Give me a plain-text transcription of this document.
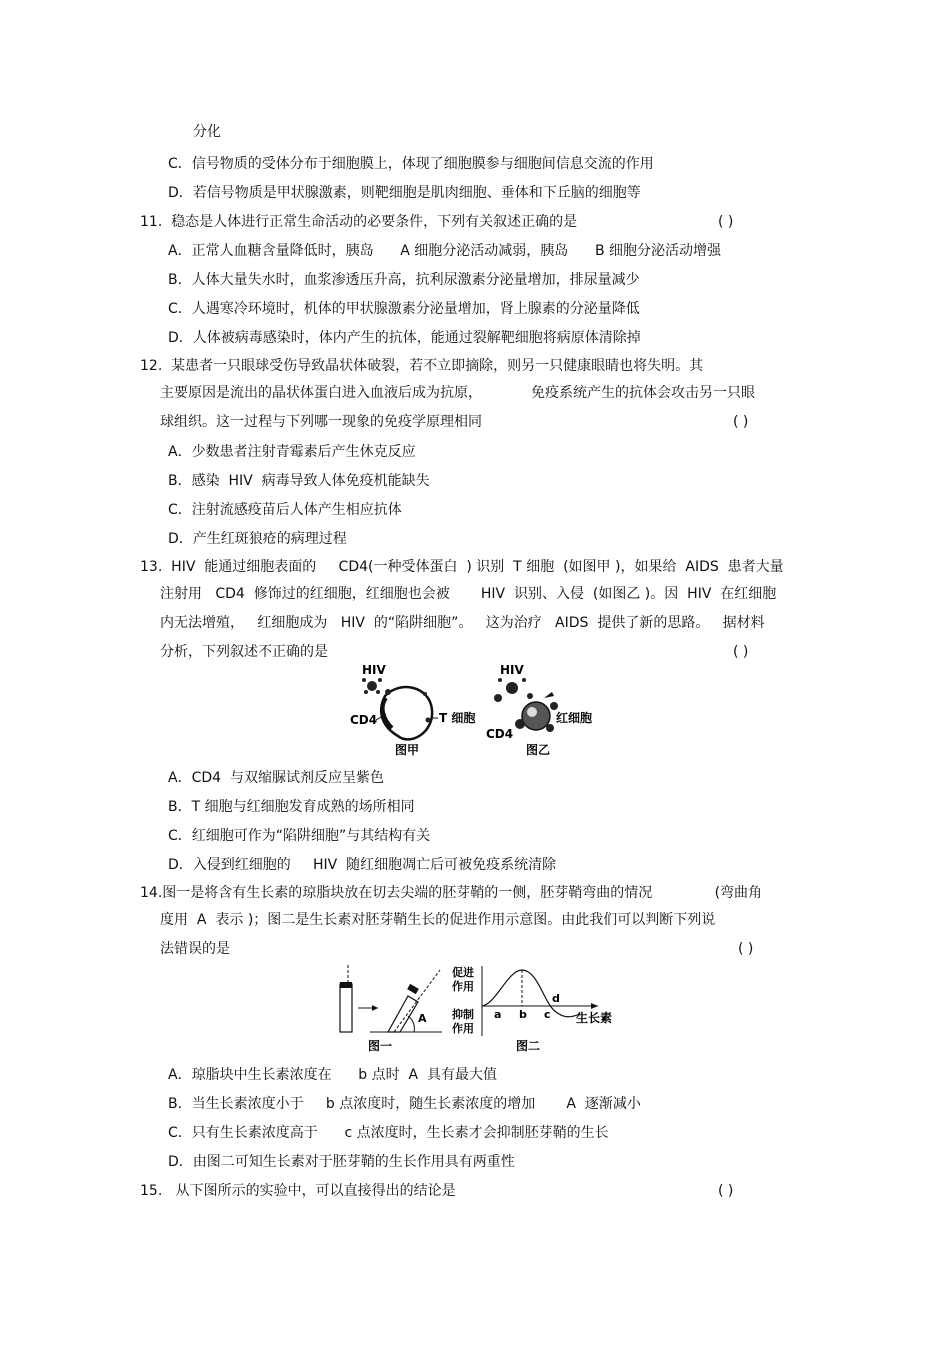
分化
C．信号物质的受体分布于细胞膜上，体现了细胞膜参与细胞间信息交流的作用
D．若信号物质是甲状腺激素，则靶细胞是肌肉细胞、垂体和下丘脑的细胞等
11.  稳态是人体进行正常生命活动的必要条件，下列有关叙述正确的是	( )
A．正常人血糖含量降低时，胰岛      A 细胞分泌活动减弱，胰岛      B 细胞分泌活动增强
B．人体大量失水时，血浆渗透压升高，抗利尿激素分泌量增加，排尿量减少
C．人遇寒冷环境时，机体的甲状腺激素分泌量增加，肾上腺素的分泌量降低
D．人体被病毒感染时，体内产生的抗体，能通过裂解靶细胞将病原体清除掉
12.  某患者一只眼球受伤导致晶状体破裂，若不立即摘除，则另一只健康眼睛也将失明。其
主要原因是流出的晶状体蛋白进入血液后成为抗原，           免疫系统产生的抗体会攻击另一只眼
球组织。这一过程与下列哪一现象的免疫学原理相同	( )
A．少数患者注射青霉素后产生休克反应
B．感染  HIV  病毒导致人体免疫机能缺失
C．注射流感疫苗后人体产生相应抗体
D．产生红斑狼疮的病理过程
13.  HIV  能通过细胞表面的     CD4(一种受体蛋白  ) 识别  T 细胞  (如图甲 )，如果给  AIDS  患者大量
注射用   CD4  修饰过的红细胞，红细胞也会被       HIV  识别、入侵  (如图乙 )。因  HIV  在红细胞
内无法增殖，   红细胞成为   HIV  的“陷阱细胞”。   这为治疗   AIDS  提供了新的思路。   据材料
分析，下列叙述不正确的是	( )
HIV	HIV
CD4	T 细胞
图甲
红细胞
CD4
图乙
A．CD4  与双缩脲试剂反应呈紫色
B．T 细胞与红细胞发育成熟的场所相同
C．红细胞可作为“陷阱细胞”与其结构有关
D．入侵到红细胞的     HIV  随红细胞凋亡后可被免疫系统清除
14.图一是将含有生长素的琼脂块放在切去尖端的胚芽鞘的一侧，胚芽鞘弯曲的情况              (弯曲角
度用  A  表示 )；图二是生长素对胚芽鞘生长的促进作用示意图。由此我们可以判断下列说
法错误的是	( )
A
图一
促进
作用
抑制
作用
a b c
d
生长素
图二
A．琼脂块中生长素浓度在      b 点时  A  具有最大值
B．当生长素浓度小于     b 点浓度时，随生长素浓度的增加       A  逐渐减小
C．只有生长素浓度高于      c 点浓度时，生长素才会抑制胚芽鞘的生长
D．由图二可知生长素对于胚芽鞘的生长作用具有两重性
15.   从下图所示的实验中，可以直接得出的结论是	( )
